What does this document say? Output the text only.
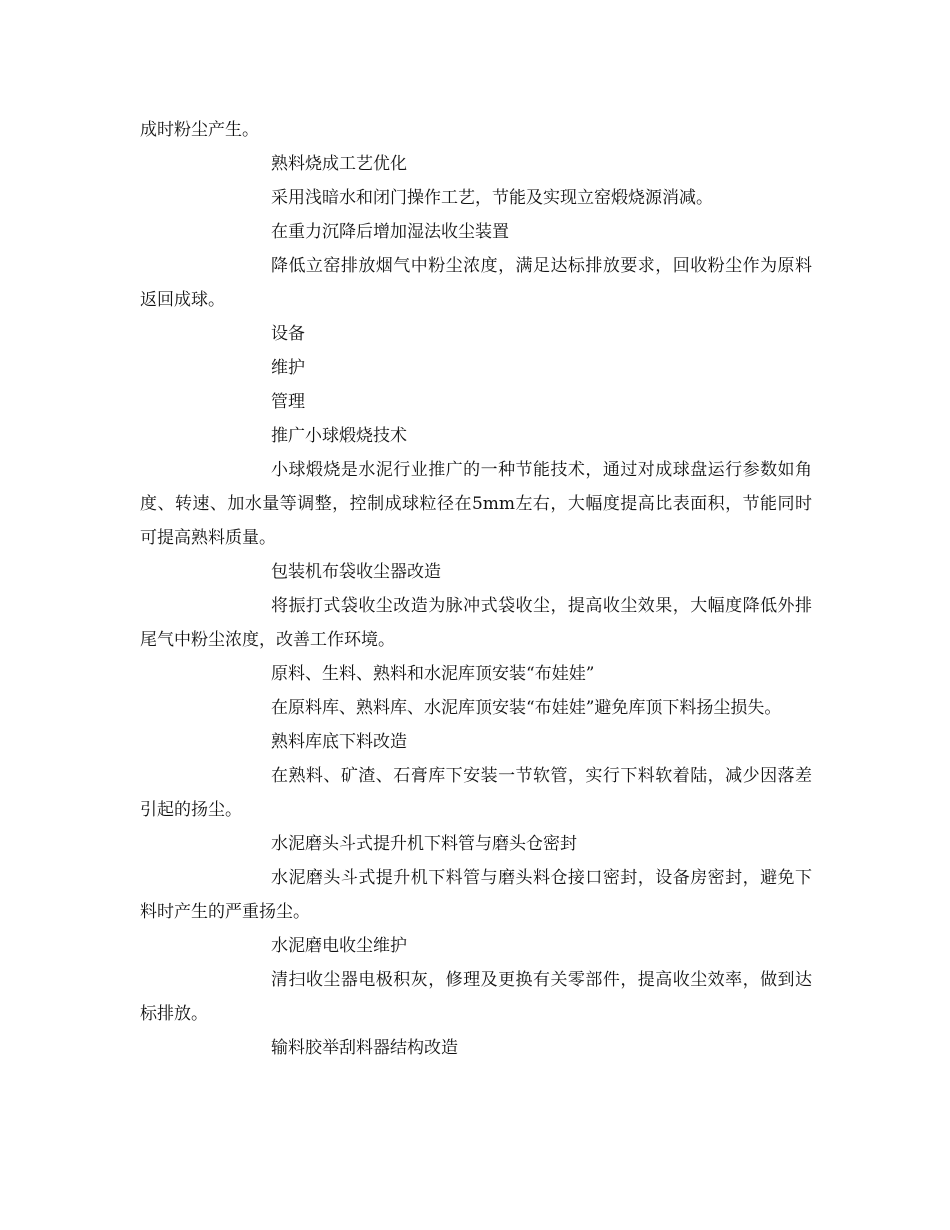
成时粉尘产生。

熟料烧成工艺优化

采用浅暗水和闭门操作工艺，节能及实现立窑煅烧源消减。

在重力沉降后增加湿法收尘装置

降低立窑排放烟气中粉尘浓度，满足达标排放要求，回收粉尘作为原料返回成球。

设备

维护

管理

推广小球煅烧技术

小球煅烧是水泥行业推广的一种节能技术，通过对成球盘运行参数如角度、转速、加水量等调整，控制成球粒径在5mm左右，大幅度提高比表面积，节能同时可提高熟料质量。

包装机布袋收尘器改造

将振打式袋收尘改造为脉冲式袋收尘，提高收尘效果，大幅度降低外排尾气中粉尘浓度，改善工作环境。

原料、生料、熟料和水泥库顶安装“布娃娃”

在原料库、熟料库、水泥库顶安装“布娃娃”避免库顶下料扬尘损失。

熟料库底下料改造

在熟料、矿渣、石膏库下安装一节软管，实行下料软着陆，减少因落差引起的扬尘。

水泥磨头斗式提升机下料管与磨头仓密封

水泥磨头斗式提升机下料管与磨头料仓接口密封，设备房密封，避免下料时产生的严重扬尘。

水泥磨电收尘维护

清扫收尘器电极积灰，修理及更换有关零部件，提高收尘效率，做到达标排放。

输料胶举刮料器结构改造
